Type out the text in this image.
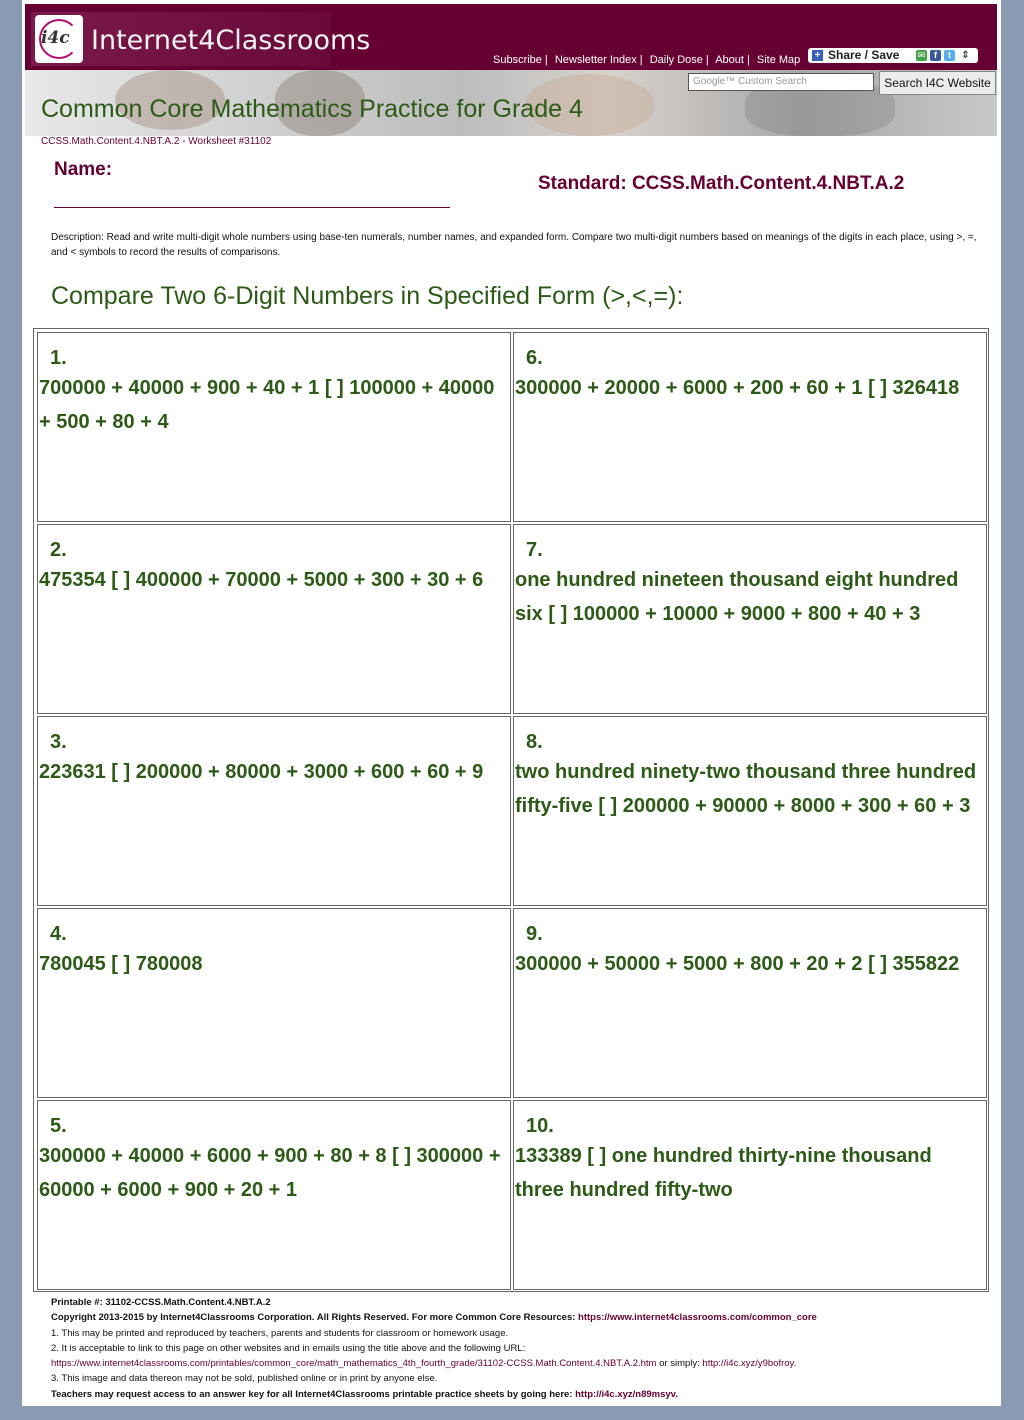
i4c Internet4Classrooms
Subscribe | Newsletter Index | Daily Dose | About | Site Map + Share / Save ✉ f	t	⇕
Google™ Custom Search	Search I4C Website
Common Core Mathematics Practice for Grade 4
CCSS.Math.Content.4.NBT.A.2 - Worksheet #31102
Name:
Standard: CCSS.Math.Content.4.NBT.A.2
Description: Read and write multi-digit whole numbers using base-ten numerals, number names, and expanded form. Compare two multi-digit numbers based on meanings of the digits in each place, using >, =, and < symbols to record the results of comparisons.
Compare Two 6-Digit Numbers in Specified Form (>,<,=):
1.
700000 + 40000 + 900 + 40 + 1 [ ] 100000 + 40000 + 500 + 80 + 4
2.
475354 [ ] 400000 + 70000 + 5000 + 300 + 30 + 6
3.
223631 [ ] 200000 + 80000 + 3000 + 600 + 60 + 9
4.
780045 [ ] 780008
5.
300000 + 40000 + 6000 + 900 + 80 + 8 [ ] 300000 + 60000 + 6000 + 900 + 20 + 1
6.
300000 + 20000 + 6000 + 200 + 60 + 1 [ ] 326418
7.
one hundred nineteen thousand eight hundred six [ ] 100000 + 10000 + 9000 + 800 + 40 + 3
8.
two hundred ninety-two thousand three hundred fifty-five [ ] 200000 + 90000 + 8000 + 300 + 60 + 3
9.
300000 + 50000 + 5000 + 800 + 20 + 2 [ ] 355822
10.
133389 [ ] one hundred thirty-nine thousand three hundred fifty-two
Printable #: 31102-CCSS.Math.Content.4.NBT.A.2
Copyright 2013-2015 by Internet4Classrooms Corporation. All Rights Reserved. For more Common Core Resources: https://www.internet4classrooms.com/common_core
1. This may be printed and reproduced by teachers, parents and students for classroom or homework usage.
2. It is acceptable to link to this page on other websites and in emails using the title above and the following URL:
https://www.internet4classrooms.com/printables/common_core/math_mathematics_4th_fourth_grade/31102-CCSS.Math.Content.4.NBT.A.2.htm or simply: http://i4c.xyz/y9bofroy.
3. This image and data thereon may not be sold, published online or in print by anyone else.
Teachers may request access to an answer key for all Internet4Classrooms printable practice sheets by going here: http://i4c.xyz/n89msyv.
